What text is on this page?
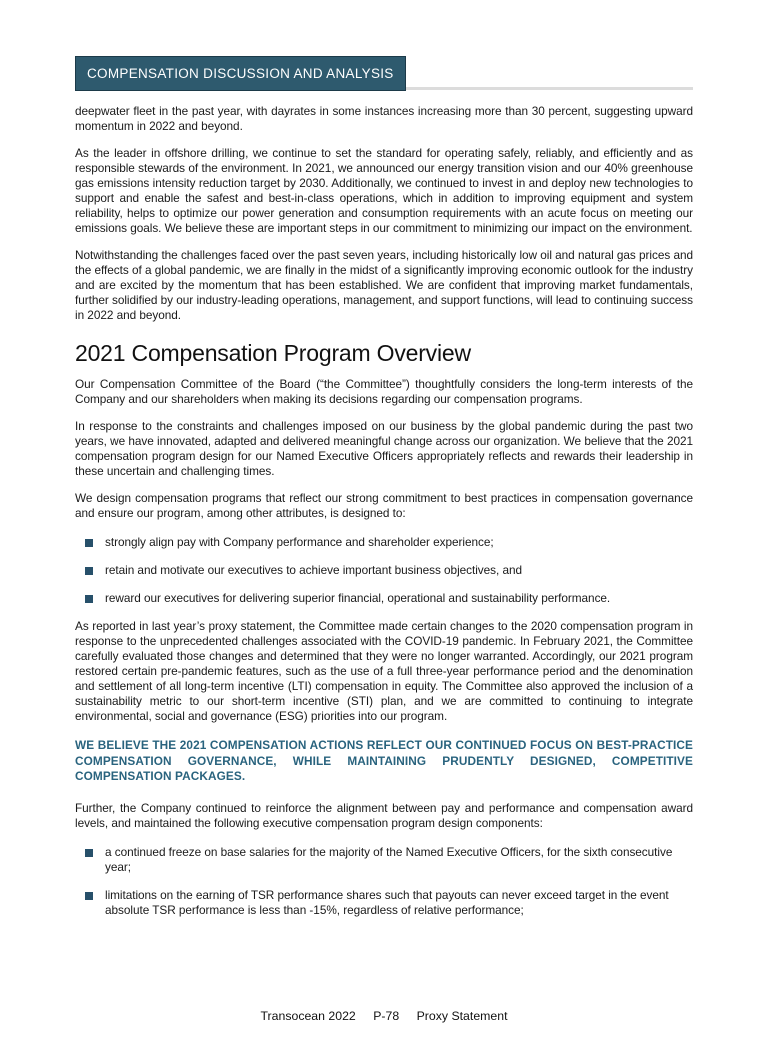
COMPENSATION DISCUSSION AND ANALYSIS

deepwater fleet in the past year, with dayrates in some instances increasing more than 30 percent, suggesting upward momentum in 2022 and beyond.

As the leader in offshore drilling, we continue to set the standard for operating safely, reliably, and efficiently and as responsible stewards of the environment. In 2021, we announced our energy transition vision and our 40% greenhouse gas emissions intensity reduction target by 2030. Additionally, we continued to invest in and deploy new technologies to support and enable the safest and best-in-class operations, which in addition to improving equipment and system reliability, helps to optimize our power generation and consumption requirements with an acute focus on meeting our emissions goals. We believe these are important steps in our commitment to minimizing our impact on the environment.

Notwithstanding the challenges faced over the past seven years, including historically low oil and natural gas prices and the effects of a global pandemic, we are finally in the midst of a significantly improving economic outlook for the industry and are excited by the momentum that has been established. We are confident that improving market fundamentals, further solidified by our industry-leading operations, management, and support functions, will lead to continuing success in 2022 and beyond.

2021 Compensation Program Overview

Our Compensation Committee of the Board (“the Committee”) thoughtfully considers the long-term interests of the Company and our shareholders when making its decisions regarding our compensation programs.

In response to the constraints and challenges imposed on our business by the global pandemic during the past two years, we have innovated, adapted and delivered meaningful change across our organization. We believe that the 2021 compensation program design for our Named Executive Officers appropriately reflects and rewards their leadership in these uncertain and challenging times.

We design compensation programs that reflect our strong commitment to best practices in compensation governance and ensure our program, among other attributes, is designed to:

strongly align pay with Company performance and shareholder experience;
retain and motivate our executives to achieve important business objectives, and
reward our executives for delivering superior financial, operational and sustainability performance.

As reported in last year’s proxy statement, the Committee made certain changes to the 2020 compensation program in response to the unprecedented challenges associated with the COVID-19 pandemic. In February 2021, the Committee carefully evaluated those changes and determined that they were no longer warranted. Accordingly, our 2021 program restored certain pre-pandemic features, such as the use of a full three-year performance period and the denomination and settlement of all long-term incentive (LTI) compensation in equity. The Committee also approved the inclusion of a sustainability metric to our short-term incentive (STI) plan, and we are committed to continuing to integrate environmental, social and governance (ESG) priorities into our program.

WE BELIEVE THE 2021 COMPENSATION ACTIONS REFLECT OUR CONTINUED FOCUS ON BEST-PRACTICE COMPENSATION GOVERNANCE, WHILE MAINTAINING PRUDENTLY DESIGNED, COMPETITIVE COMPENSATION PACKAGES.

Further, the Company continued to reinforce the alignment between pay and performance and compensation award levels, and maintained the following executive compensation program design components:

a continued freeze on base salaries for the majority of the Named Executive Officers, for the sixth consecutive year;
limitations on the earning of TSR performance shares such that payouts can never exceed target in the event absolute TSR performance is less than -15%, regardless of relative performance;
Transocean 2022 P-78 Proxy Statement
